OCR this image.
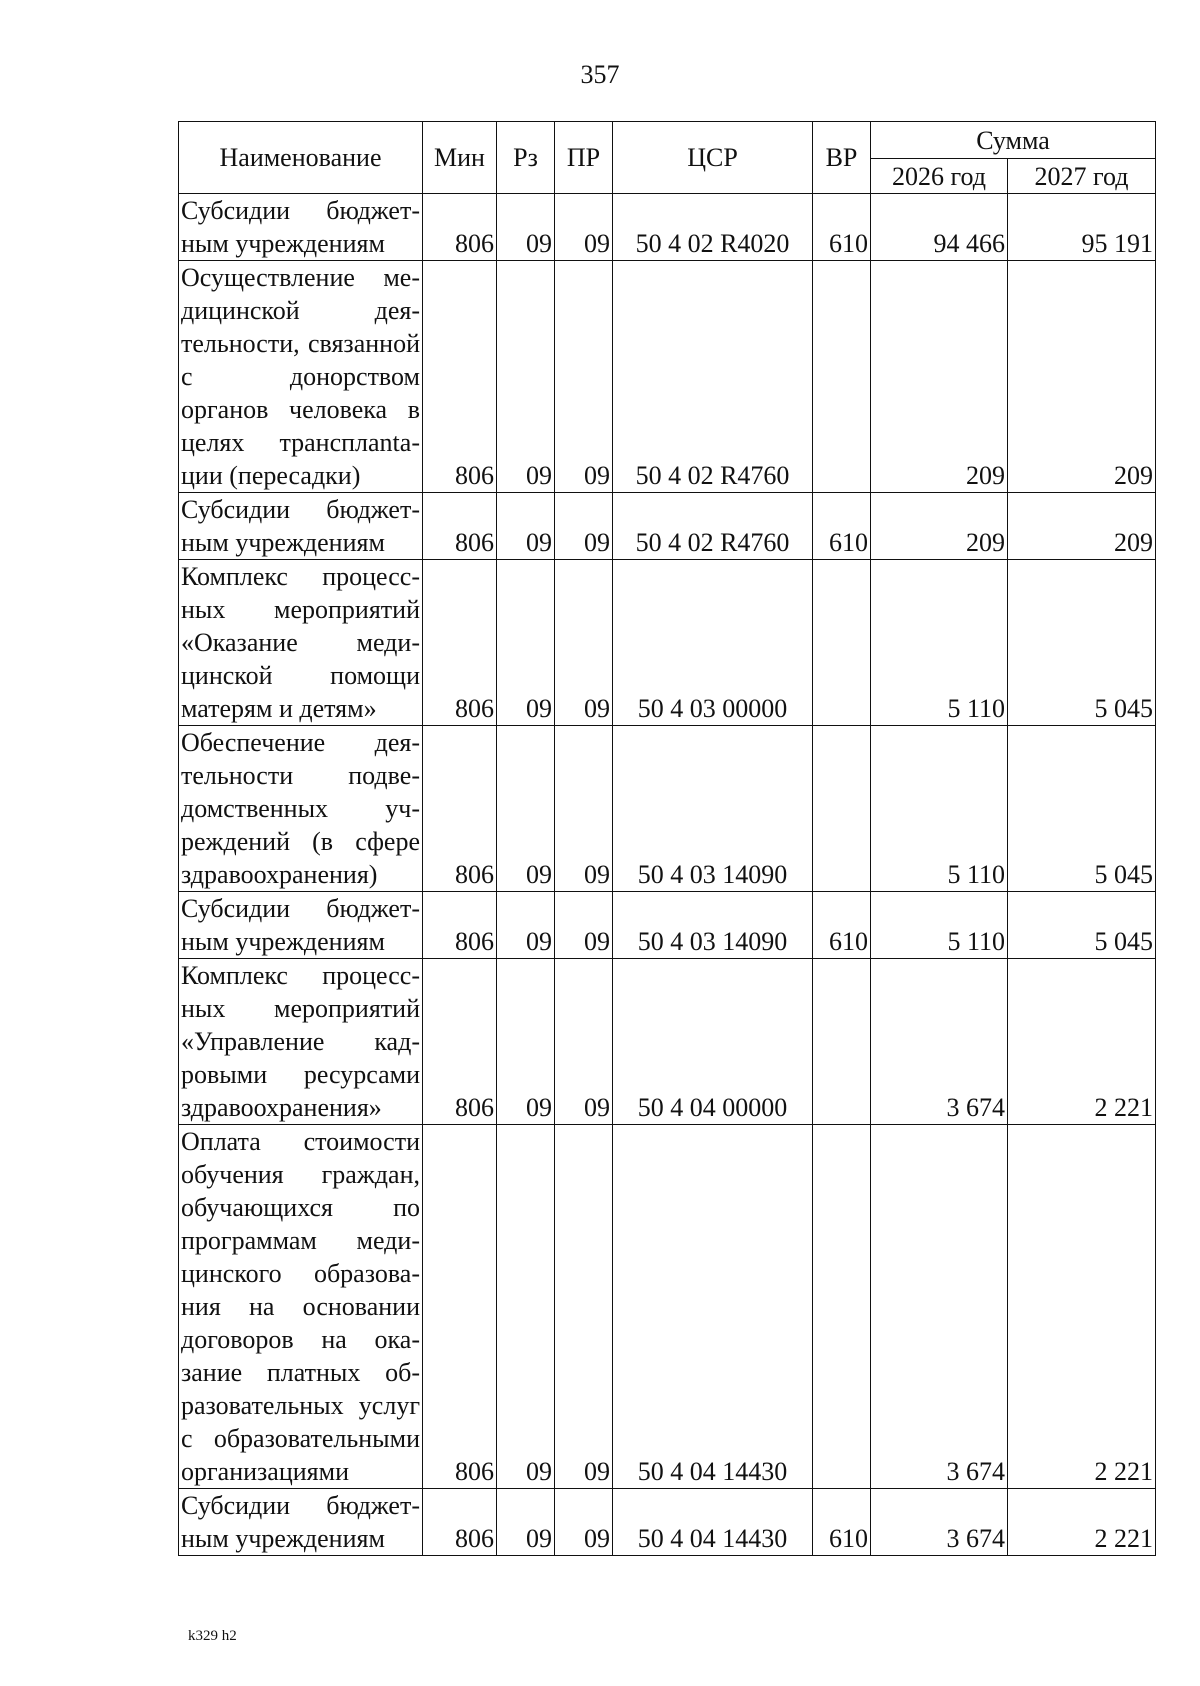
357
Наименование	Мин	Рз	ПР	ЦСР	ВР	Сумма	
						2026 год	2027 год
Субсидии бюджетным учреждениям	806	09	09	50 4 02 R4020	610	94 466	95 191
Осуществление медицинской деятельности, связанной с донорством органов человека в целях трансплantaции (пересадки)	806	09	09	50 4 02 R4760		209	209
Субсидии бюджетным учреждениям	806	09	09	50 4 02 R4760	610	209	209
Комплекс процессных мероприятий «Оказание медицинской помощи матерям и детям»	806	09	09	50 4 03 00000		5 110	5 045
Обеспечение деятельности подведомственных учреждений (в сфере здравоохранения)	806	09	09	50 4 03 14090		5 110	5 045
Субсидии бюджетным учреждениям	806	09	09	50 4 03 14090	610	5 110	5 045
Комплекс процессных мероприятий «Управление кадровыми ресурсами здравоохранения»	806	09	09	50 4 04 00000		3 674	2 221
Оплата стоимости обучения граждан, обучающихся по программам медицинского образования на основании договоров на оказание платных образовательных услуг с образовательными организациями	806	09	09	50 4 04 14430		3 674	2 221
Субсидии бюджетным учреждениям	806	09	09	50 4 04 14430	610	3 674	2 221
k329 h2
